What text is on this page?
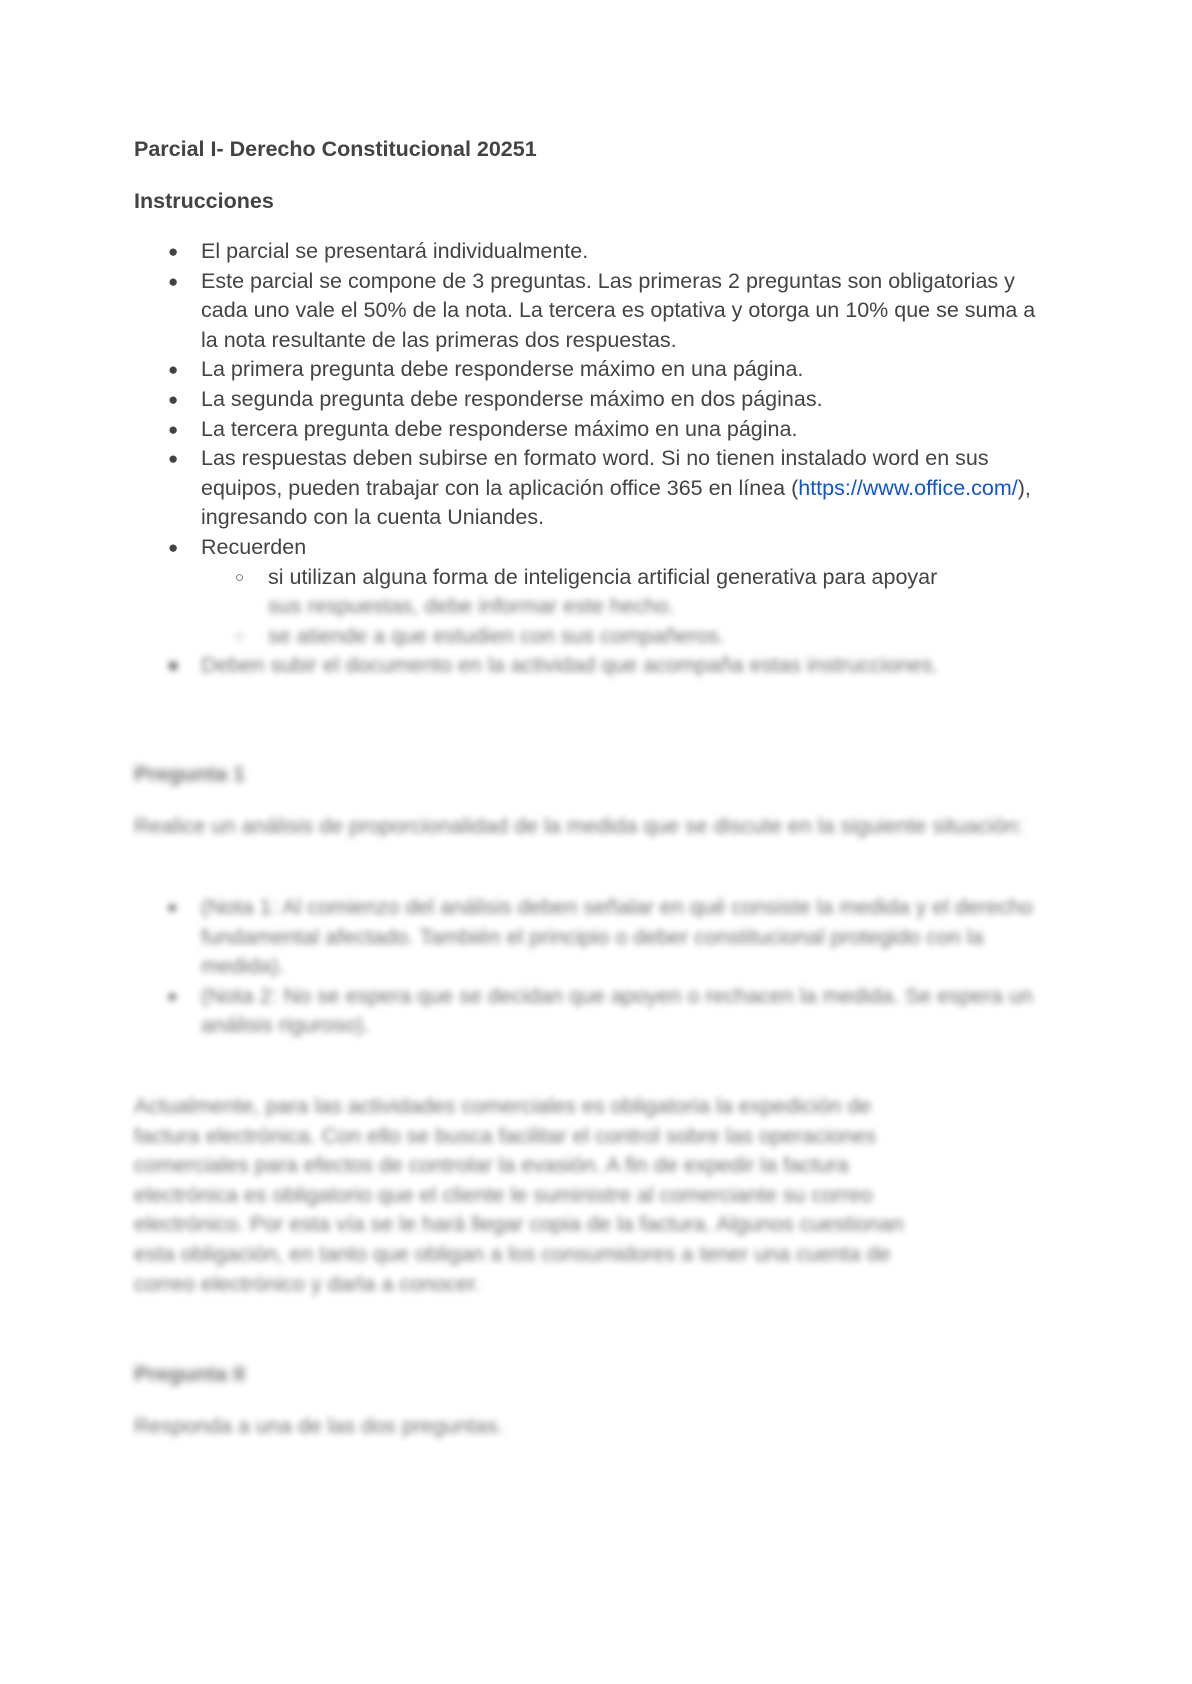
Parcial I- Derecho Constitucional 20251
Instrucciones
● El parcial se presentará individualmente.
● Este parcial se compone de 3 preguntas. Las primeras 2 preguntas son obligatorias y cada uno vale el 50% de la nota. La tercera es optativa y otorga un 10% que se suma a la nota resultante de las primeras dos respuestas.
● La primera pregunta debe responderse máximo en una página.
● La segunda pregunta debe responderse máximo en dos páginas.
● La tercera pregunta debe responderse máximo en una página.
● Las respuestas deben subirse en formato word. Si no tienen instalado word en sus equipos, pueden trabajar con la aplicación office 365 en línea (https://www.office.com/), ingresando con la cuenta Uniandes.
● Recuerden
○ si utilizan alguna forma de inteligencia artificial generativa para apoyar
sus respuestas, debe informar este hecho.
○ se atiende a que estudien con sus compañeros.
■ Deben subir el documento en la actividad que acompaña estas instrucciones.
Pregunta 1

Realice un análisis de proporcionalidad de la medida que se discute en la siguiente situación:

■ (Nota 1: Al comienzo del análisis deben señalar en qué consiste la medida y el derecho fundamental afectado. También el principio o deber constitucional protegido con la medida).
■ (Nota 2: No se espera que se decidan que apoyen o rechacen la medida. Se espera un análisis riguroso).

Actualmente, para las actividades comerciales es obligatoria la expedición de factura electrónica. Con ello se busca facilitar el control sobre las operaciones comerciales para efectos de controlar la evasión. A fin de expedir la factura electrónica es obligatorio que el cliente le suministre al comerciante su correo electrónico. Por esta vía se le hará llegar copia de la factura. Algunos cuestionan esta obligación, en tanto que obligan a los consumidores a tener una cuenta de correo electrónico y darla a conocer.

Pregunta II

Responda a una de las dos preguntas.
